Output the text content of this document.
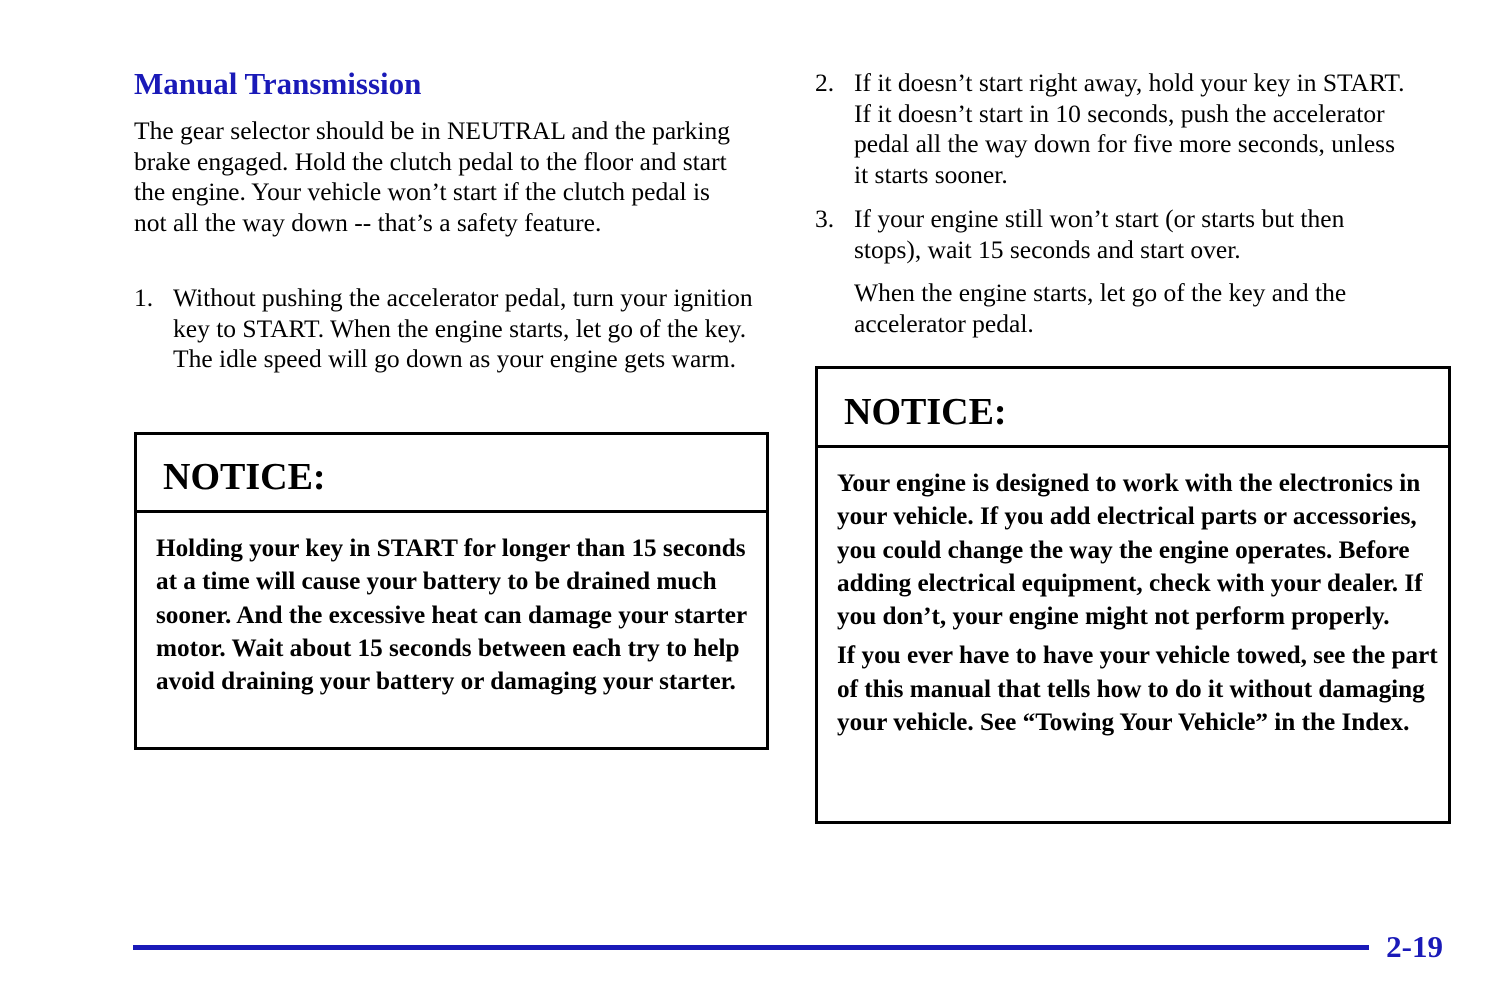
Manual Transmission

The gear selector should be in NEUTRAL and the parking brake engaged. Hold the clutch pedal to the floor and start the engine. Your vehicle won’t start if the clutch pedal is not all the way down -- that’s a safety feature.

1. Without pushing the accelerator pedal, turn your ignition key to START. When the engine starts, let go of the key. The idle speed will go down as your engine gets warm.

NOTICE:

Holding your key in START for longer than 15 seconds at a time will cause your battery to be drained much sooner. And the excessive heat can damage your starter motor. Wait about 15 seconds between each try to help avoid draining your battery or damaging your starter.

2. If it doesn’t start right away, hold your key in START. If it doesn’t start in 10 seconds, push the accelerator pedal all the way down for five more seconds, unless it starts sooner.

3. If your engine still won’t start (or starts but then stops), wait 15 seconds and start over.

When the engine starts, let go of the key and the accelerator pedal.

NOTICE:

Your engine is designed to work with the electronics in your vehicle. If you add electrical parts or accessories, you could change the way the engine operates. Before adding electrical equipment, check with your dealer. If you don’t, your engine might not perform properly.

If you ever have to have your vehicle towed, see the part of this manual that tells how to do it without damaging your vehicle. See “Towing Your Vehicle” in the Index.

2-19
